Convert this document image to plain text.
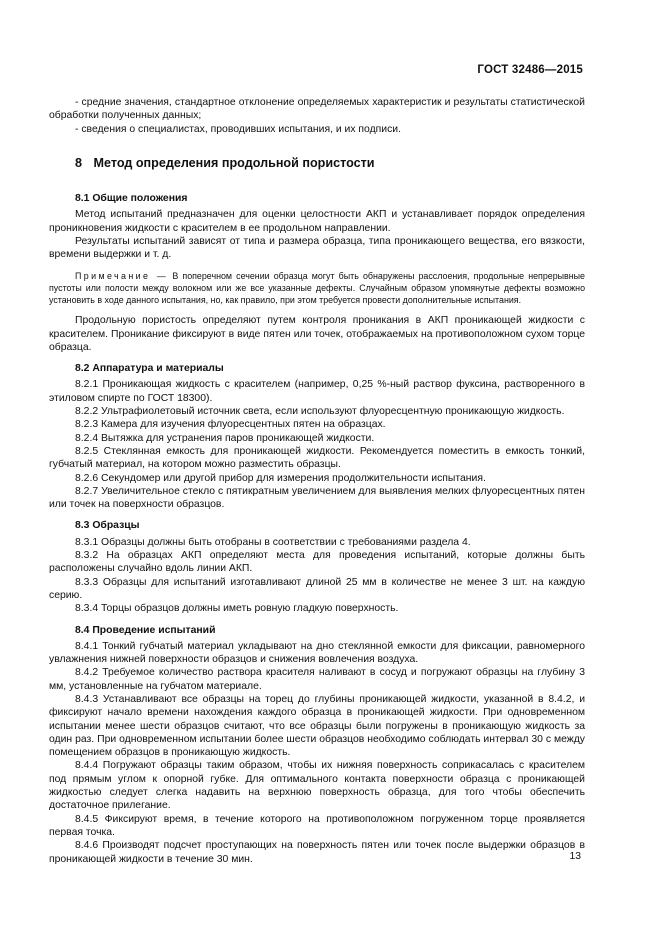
ГОСТ 32486—2015

- средние значения, стандартное отклонение определяемых характеристик и результаты статистической обработки полученных данных;

- сведения о специалистах, проводивших испытания, и их подписи.

8 Метод определения продольной пористости
8.1 Общие положения

Метод испытаний предназначен для оценки целостности АКП и устанавливает порядок определения проникновения жидкости с красителем в ее продольном направлении.

Результаты испытаний зависят от типа и размера образца, типа проникающего вещества, его вязкости, времени выдержки и т. д.

Примечание — В поперечном сечении образца могут быть обнаружены расслоения, продольные непрерывные пустоты или полости между волокном или же все указанные дефекты. Случайным образом упомянутые дефекты возможно установить в ходе данного испытания, но, как правило, при этом требуется провести дополнительные испытания.

Продольную пористость определяют путем контроля проникания в АКП проникающей жидкости с красителем. Проникание фиксируют в виде пятен или точек, отображаемых на противоположном сухом торце образца.

8.2 Аппаратура и материалы

8.2.1 Проникающая жидкость с красителем (например, 0,25 %-ный раствор фуксина, растворенного в этиловом спирте по ГОСТ 18300).

8.2.2 Ультрафиолетовый источник света, если используют флуоресцентную проникающую жидкость.

8.2.3 Камера для изучения флуоресцентных пятен на образцах.

8.2.4 Вытяжка для устранения паров проникающей жидкости.

8.2.5 Стеклянная емкость для проникающей жидкости. Рекомендуется поместить в емкость тонкий, губчатый материал, на котором можно разместить образцы.

8.2.6 Секундомер или другой прибор для измерения продолжительности испытания.

8.2.7 Увеличительное стекло с пятикратным увеличением для выявления мелких флуоресцентных пятен или точек на поверхности образцов.

8.3 Образцы

8.3.1 Образцы должны быть отобраны в соответствии с требованиями раздела 4.

8.3.2 На образцах АКП определяют места для проведения испытаний, которые должны быть расположены случайно вдоль линии АКП.

8.3.3 Образцы для испытаний изготавливают длиной 25 мм в количестве не менее 3 шт. на каждую серию.

8.3.4 Торцы образцов должны иметь ровную гладкую поверхность.

8.4 Проведение испытаний

8.4.1 Тонкий губчатый материал укладывают на дно стеклянной емкости для фиксации, равномерного увлажнения нижней поверхности образцов и снижения вовлечения воздуха.

8.4.2 Требуемое количество раствора красителя наливают в сосуд и погружают образцы на глубину 3 мм, установленные на губчатом материале.

8.4.3 Устанавливают все образцы на торец до глубины проникающей жидкости, указанной в 8.4.2, и фиксируют начало времени нахождения каждого образца в проникающей жидкости. При одновременном испытании менее шести образцов считают, что все образцы были погружены в проникающую жидкость за один раз. При одновременном испытании более шести образцов необходимо соблюдать интервал 30 с между помещением образцов в проникающую жидкость.

8.4.4 Погружают образцы таким образом, чтобы их нижняя поверхность соприкасалась с красителем под прямым углом к опорной губке. Для оптимального контакта поверхности образца с проникающей жидкостью следует слегка надавить на верхнюю поверхность образца, для того чтобы обеспечить достаточное прилегание.

8.4.5 Фиксируют время, в течение которого на противоположном погруженном торце проявляется первая точка.

8.4.6 Производят подсчет проступающих на поверхность пятен или точек после выдержки образцов в проникающей жидкости в течение 30 мин.	13
